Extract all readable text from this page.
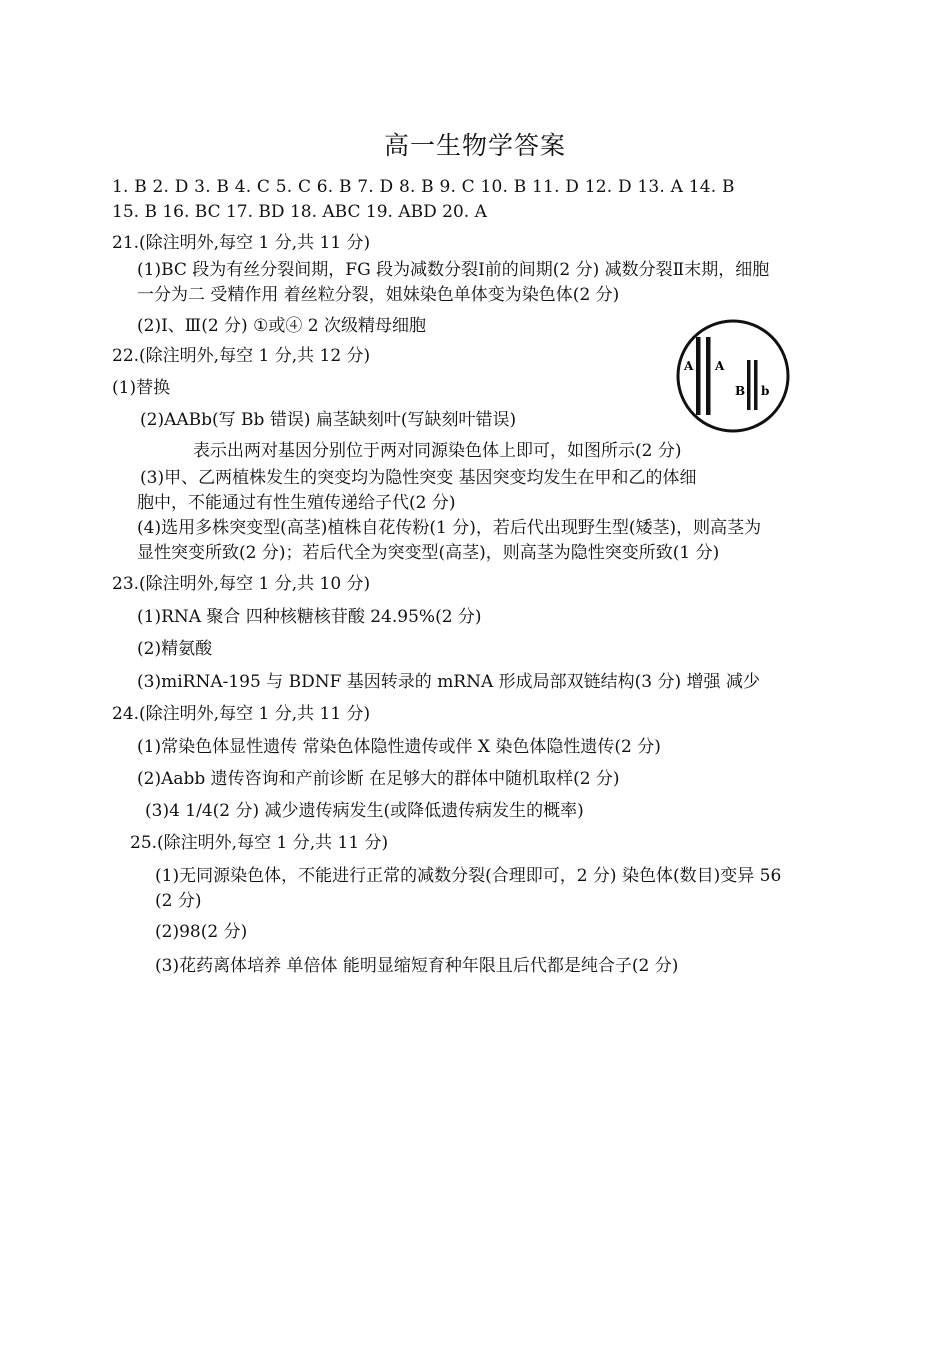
高一生物学答案
1. B 2. D 3. B 4. C 5. C 6. B 7. D 8. B 9. C 10. B 11. D 12. D 13. A 14. B
15. B 16. BC 17. BD 18. ABC 19. ABD 20. A
21.(除注明外,每空 1 分,共 11 分)
(1)BC 段为有丝分裂间期，FG 段为减数分裂Ⅰ前的间期(2 分) 减数分裂Ⅱ末期，细胞
一分为二 受精作用 着丝粒分裂，姐妹染色单体变为染色体(2 分)
(2)Ⅰ、Ⅲ(2 分) ①或④ 2 次级精母细胞
22.(除注明外,每空 1 分,共 12 分)
(1)替换
(2)AABb(写 Bb 错误) 扁茎缺刻叶(写缺刻叶错误)
表示出两对基因分别位于两对同源染色体上即可，如图所示(2 分)
(3)甲、乙两植株发生的突变均为隐性突变 基因突变均发生在甲和乙的体细
胞中，不能通过有性生殖传递给子代(2 分)
(4)选用多株突变型(高茎)植株自花传粉(1 分)，若后代出现野生型(矮茎)，则高茎为
显性突变所致(2 分)；若后代全为突变型(高茎)，则高茎为隐性突变所致(1 分)
23.(除注明外,每空 1 分,共 10 分)
(1)RNA 聚合 四种核糖核苷酸 24.95%(2 分)
(2)精氨酸
(3)miRNA-195 与 BDNF 基因转录的 mRNA 形成局部双链结构(3 分) 增强 减少
24.(除注明外,每空 1 分,共 11 分)
(1)常染色体显性遗传 常染色体隐性遗传或伴 X 染色体隐性遗传(2 分)
(2)Aabb 遗传咨询和产前诊断 在足够大的群体中随机取样(2 分)
(3)4 1/4(2 分) 减少遗传病发生(或降低遗传病发生的概率)
25.(除注明外,每空 1 分,共 11 分)
(1)无同源染色体，不能进行正常的减数分裂(合理即可，2 分) 染色体(数目)变异 56
(2 分)
(2)98(2 分)
(3)花药离体培养 单倍体 能明显缩短育种年限且后代都是纯合子(2 分)
A A
B b
